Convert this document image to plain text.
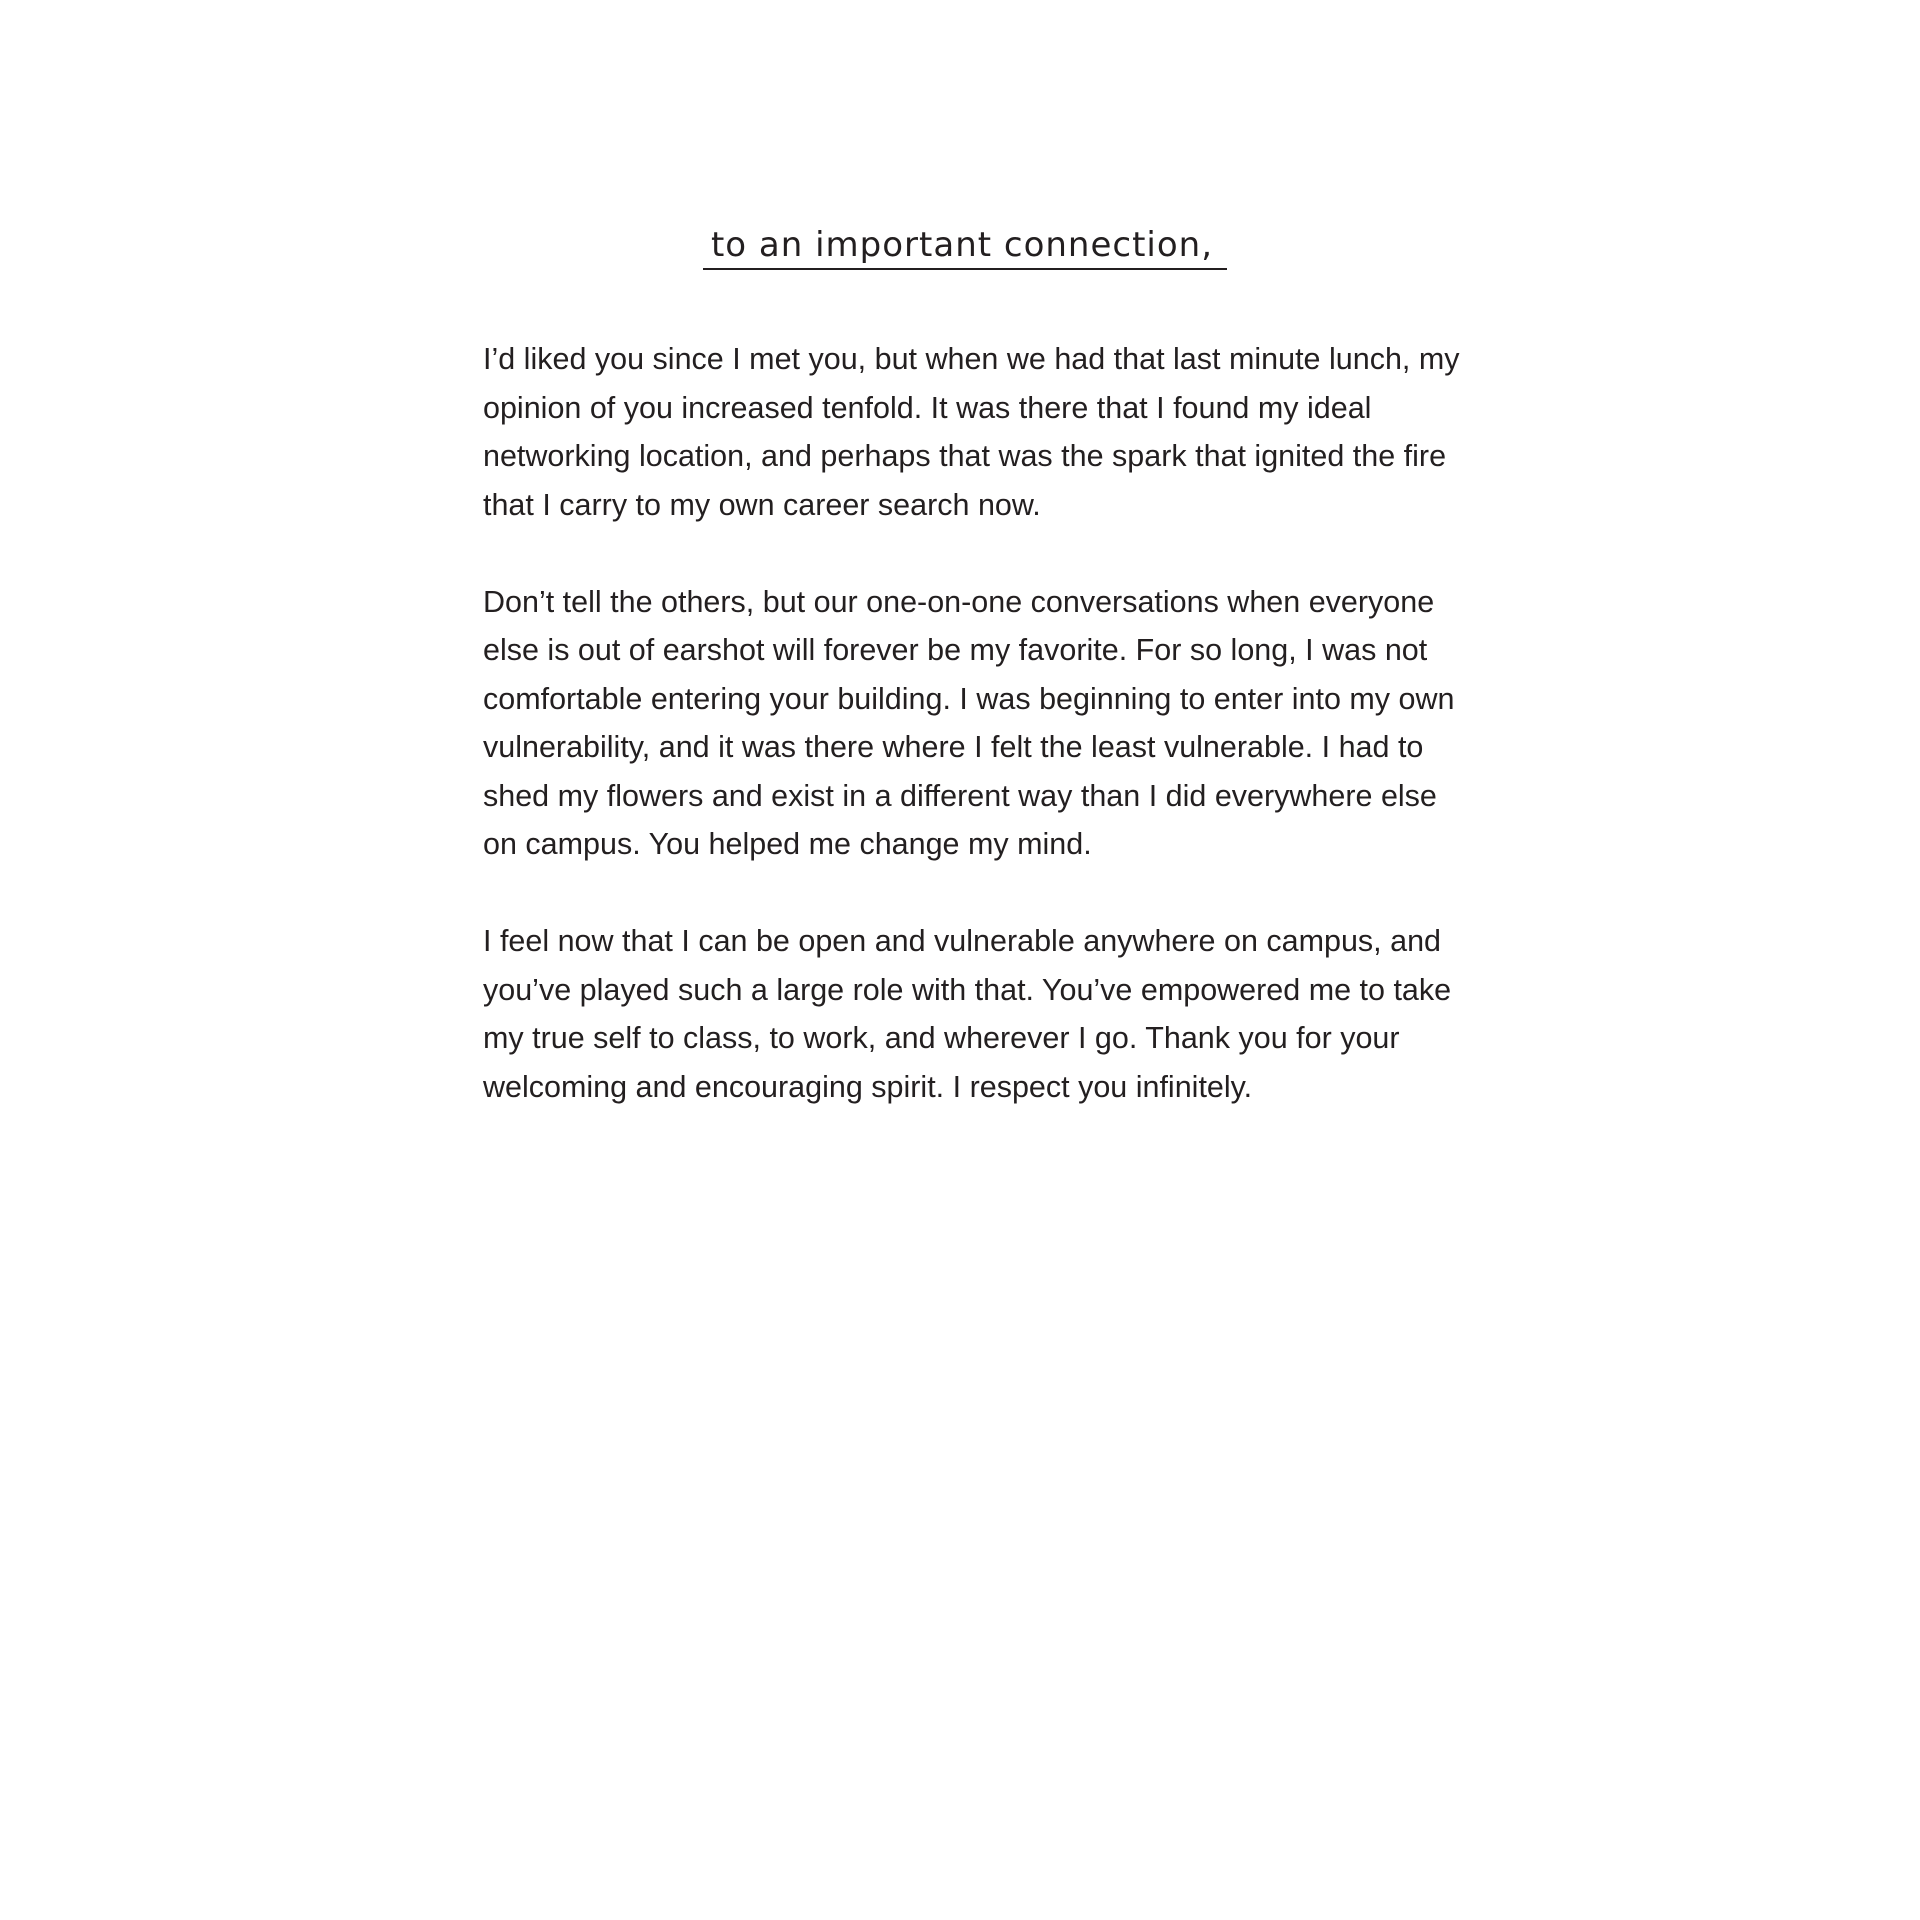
to an important connection,

I’d liked you since I met you, but when we had that last minute lunch, my
opinion of you increased tenfold. It was there that I found my ideal
networking location, and perhaps that was the spark that ignited the fire
that I carry to my own career search now.

Don’t tell the others, but our one-on-one conversations when everyone
else is out of earshot will forever be my favorite. For so long, I was not
comfortable entering your building. I was beginning to enter into my own
vulnerability, and it was there where I felt the least vulnerable. I had to
shed my flowers and exist in a different way than I did everywhere else
on campus. You helped me change my mind.

I feel now that I can be open and vulnerable anywhere on campus, and
you’ve played such a large role with that. You’ve empowered me to take
my true self to class, to work, and wherever I go. Thank you for your
welcoming and encouraging spirit. I respect you infinitely.
